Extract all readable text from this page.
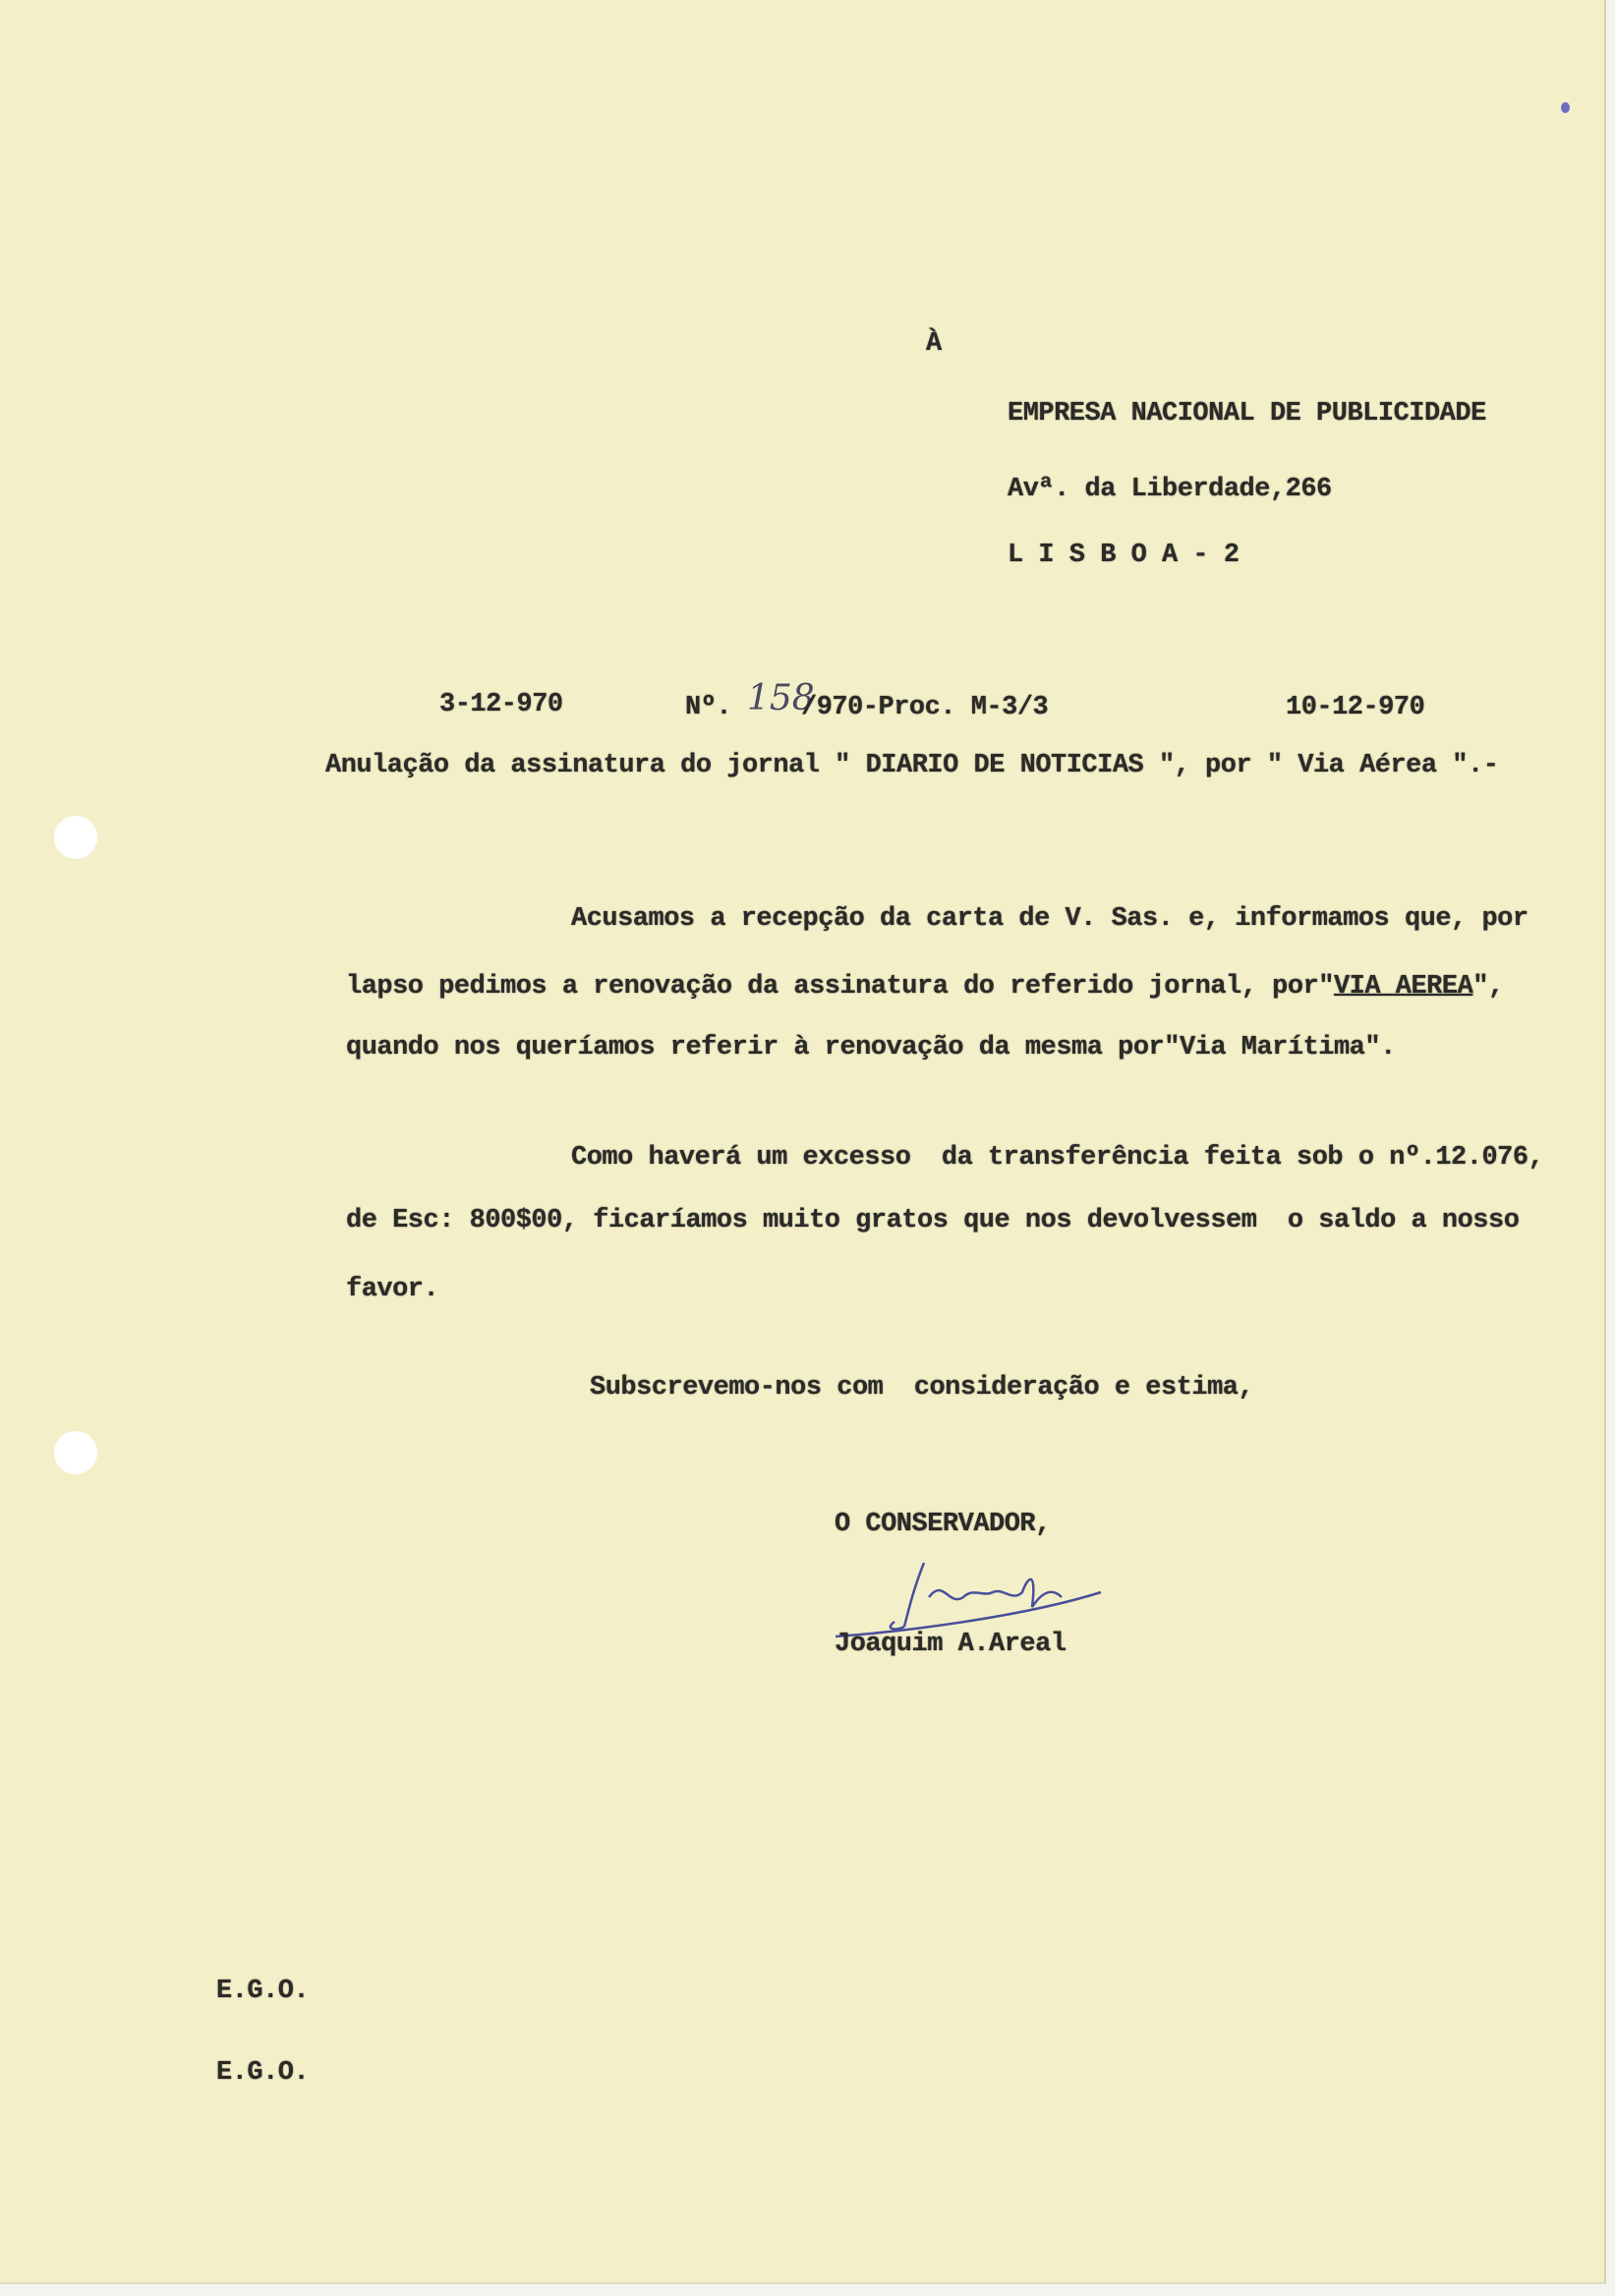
À
EMPRESA NACIONAL DE PUBLICIDADE
Avª. da Liberdade,266
L I S B O A - 2
3-12-970	Nº. 158
/970-Proc. M-3/3	10-12-970
Anulação da assinatura do jornal " DIARIO DE NOTICIAS ", por " Via Aérea ".-
Acusamos a recepção da carta de V. Sas. e, informamos que, por
lapso pedimos a renovação da assinatura do referido jornal, por"VIA AEREA",
quando nos queríamos referir à renovação da mesma por"Via Marítima".
Como haverá um excesso  da transferência feita sob o nº.12.076,
de Esc: 800$00, ficaríamos muito gratos que nos devolvessem  o saldo a nosso
favor.
Subscrevemo-nos com  consideração e estima,
O CONSERVADOR,
Joaquim A.Areal
E.G.O.
E.G.O.
